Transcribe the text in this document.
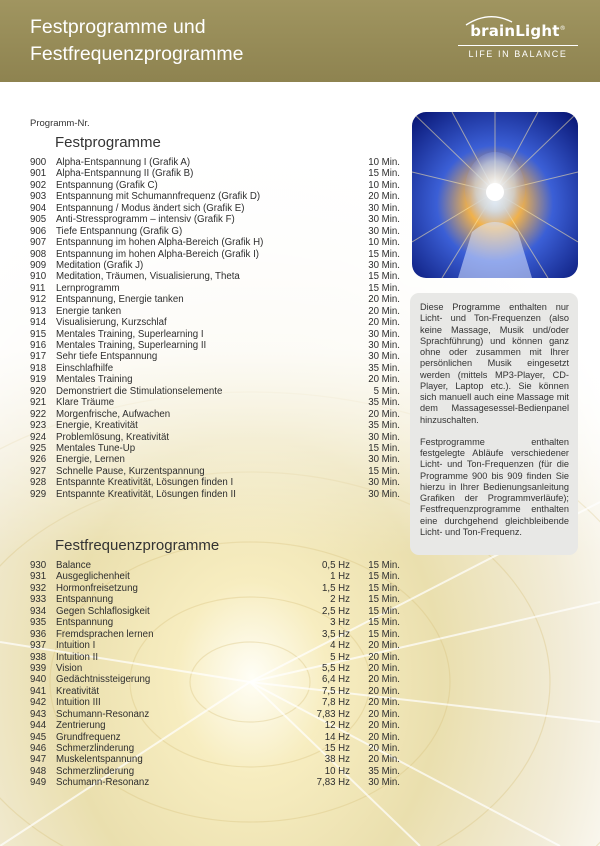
Festprogramme und
Festfrequenzprogramme
brainLight®
LIFE IN BALANCE
Programm-Nr.
Festprogramme
900	Alpha-Entspannung I (Grafik A)	10 Min.
901	Alpha-Entspannung II (Grafik B)	15 Min.
902	Entspannung (Grafik C)	10 Min.
903	Entspannung mit Schumannfrequenz (Grafik D)	20 Min.
904	Entspannung / Modus ändert sich (Grafik E)	30 Min.
905	Anti-Stressprogramm – intensiv (Grafik F)	30 Min.
906	Tiefe Entspannung (Grafik G)	30 Min.
907	Entspannung im hohen Alpha-Bereich (Grafik H)	10 Min.
908	Entspannung im hohen Alpha-Bereich (Grafik I)	15 Min.
909	Meditation (Grafik J)	30 Min.
910	Meditation, Träumen, Visualisierung, Theta	15 Min.
911	Lernprogramm	15 Min.
912	Entspannung, Energie tanken	20 Min.
913	Energie tanken	20 Min.
914	Visualisierung, Kurzschlaf	20 Min.
915	Mentales Training, Superlearning I	30 Min.
916	Mentales Training, Superlearning II	30 Min.
917	Sehr tiefe Entspannung	30 Min.
918	Einschlafhilfe	35 Min.
919	Mentales Training	20 Min.
920	Demonstriert die Stimulationselemente	5 Min.
921	Klare Träume	35 Min.
922	Morgenfrische, Aufwachen	20 Min.
923	Energie, Kreativität	35 Min.
924	Problemlösung, Kreativität	30 Min.
925	Mentales Tune-Up	15 Min.
926	Energie, Lernen	30 Min.
927	Schnelle Pause, Kurzentspannung	15 Min.
928	Entspannte Kreativität, Lösungen finden I	30 Min.
929	Entspannte Kreativität, Lösungen finden II	30 Min.
Festfrequenzprogramme
930	Balance	0,5 Hz	15 Min.
931	Ausgeglichenheit	1 Hz	15 Min.
932	Hormonfreisetzung	1,5 Hz	15 Min.
933	Entspannung	2 Hz	15 Min.
934	Gegen Schlaflosigkeit	2,5 Hz	15 Min.
935	Entspannung	3 Hz	15 Min.
936	Fremdsprachen lernen	3,5 Hz	15 Min.
937	Intuition I	4 Hz	20 Min.
938	Intuition II	5 Hz	20 Min.
939	Vision	5,5 Hz	20 Min.
940	Gedächtnissteigerung	6,4 Hz	20 Min.
941	Kreativität	7,5 Hz	20 Min.
942	Intuition III	7,8 Hz	20 Min.
943	Schumann-Resonanz	7,83 Hz	20 Min.
944	Zentrierung	12 Hz	20 Min.
945	Grundfrequenz	14 Hz	20 Min.
946	Schmerzlinderung	15 Hz	20 Min.
947	Muskelentspannung	38 Hz	20 Min.
948	Schmerzlinderung	10 Hz	35 Min.
949	Schumann-Resonanz	7,83 Hz	30 Min.

Diese Programme enthalten nur Licht- und Ton-Frequenzen (also keine Massage, Musik und/oder Sprachführung) und können ganz ohne oder zusammen mit Ihrer persönlichen Musik eingesetzt werden (mittels MP3-Player, CD-Player, Laptop etc.). Sie können sich manuell auch eine Massage mit dem Massagesessel-Bedienpanel hinzuschalten.

Festprogramme enthalten festgelegte Abläufe verschiedener Licht- und Ton-Frequenzen (für die Programme 900 bis 909 finden Sie hierzu in Ihrer Bedienungsanleitung Grafiken der Programmverläufe); Festfrequenzprogramme enthalten eine durchgehend gleichbleibende Licht- und Ton-Frequenz.
